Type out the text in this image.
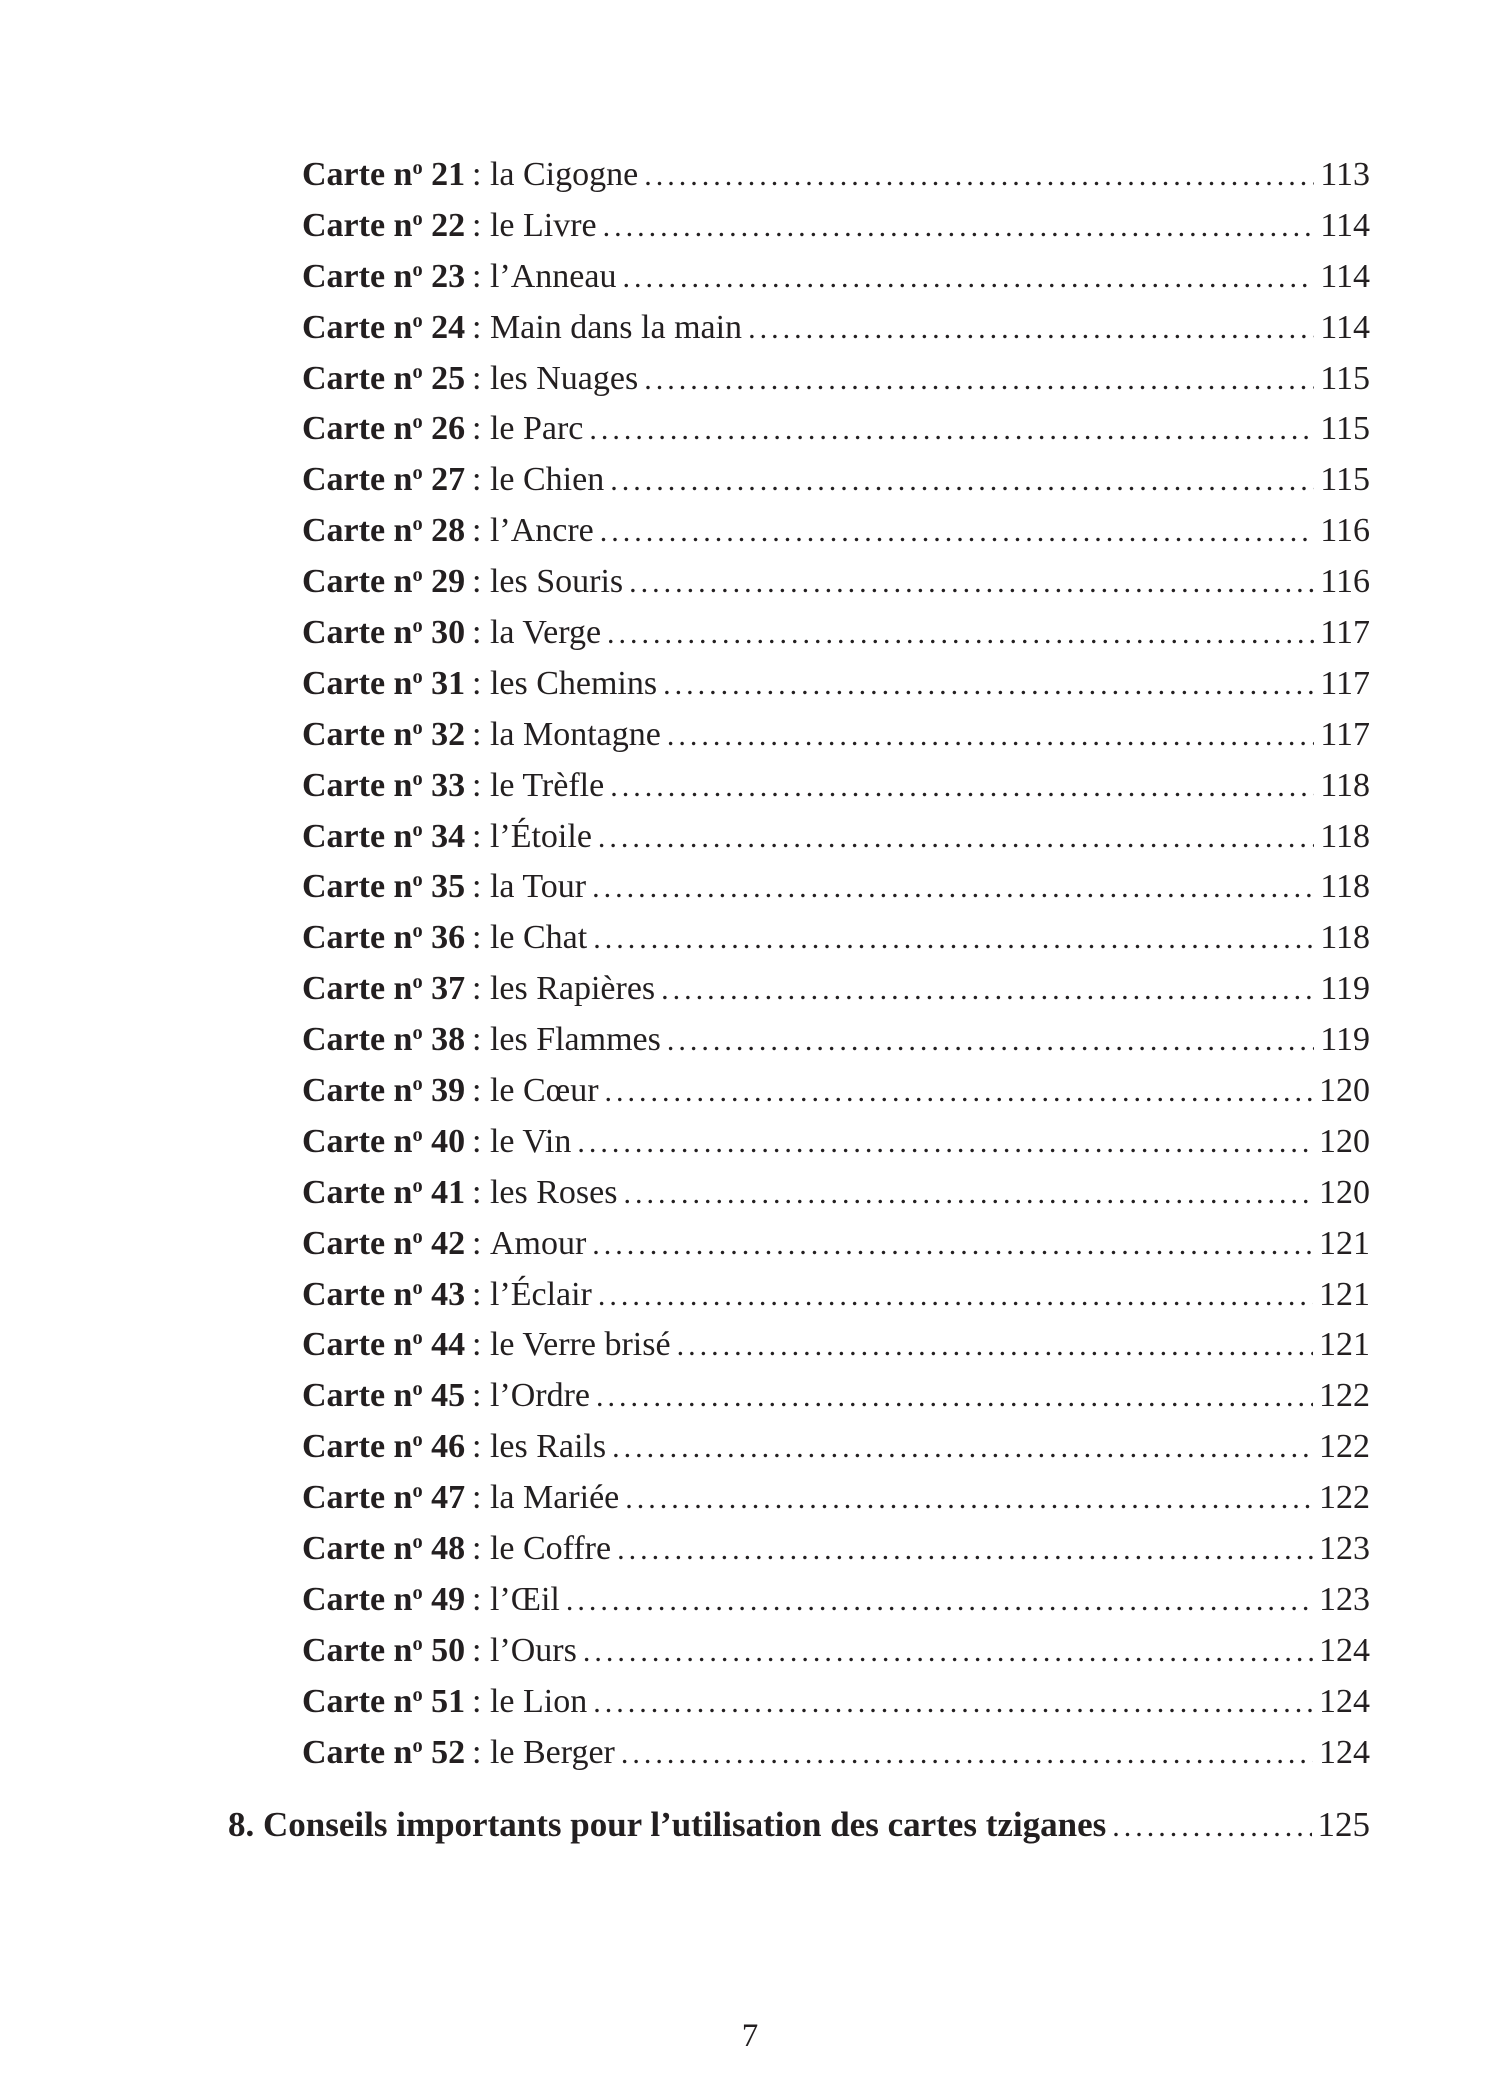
Carte $n^o$ 21  : la Cigogne .....	113
Carte $n^o$ 22  : le Livre .....	114
Carte $n^o$ 23  : l’Anneau .....	114
Carte $n^o$ 24  : Main dans la main .....	114
Carte $n^o$ 25  : les Nuages .....	115
Carte $n^o$ 26  : le Parc .....	115
Carte $n^o$ 27  : le Chien .....	115
Carte $n^o$ 28  : l’Ancre .....	116
Carte $n^o$ 29  : les Souris .....	116
Carte $n^o$ 30  : la Verge .....	117
Carte $n^o$ 31  : les Chemins .....	117
Carte $n^o$ 32  : la Montagne .....	117
Carte $n^o$ 33  : le Trèfle .....	118
Carte $n^o$ 34  : l’Étoile .....	118
Carte $n^o$ 35  : la Tour .....	118
Carte $n^o$ 36  : le Chat .....	118
Carte $n^o$ 37  : les Rapières .....	119
Carte $n^o$ 38  : les Flammes .....	119
Carte $n^o$ 39  : le Cœur .....	120
Carte $n^o$ 40  : le Vin .....	120
Carte $n^o$ 41  : les Roses .....	120
Carte $n^o$ 42  : Amour .....	121
Carte $n^o$ 43  : l’Éclair .....	121
Carte $n^o$ 44  : le Verre brisé .....	121
Carte $n^o$ 45  : l’Ordre .....	122
Carte $n^o$ 46  : les Rails .....	122
Carte $n^o$ 47  : la Mariée .....	122
Carte $n^o$ 48  : le Coffre .....	123
Carte $n^o$ 49  : l’Œil .....	123
Carte $n^o$ 50  : l’Ours .....	124
Carte $n^o$ 51  : le Lion .....	124
Carte $n^o$ 52  : le Berger .....	124
8. Conseils importants pour l’utilisation des cartes tziganes .....	125
7
